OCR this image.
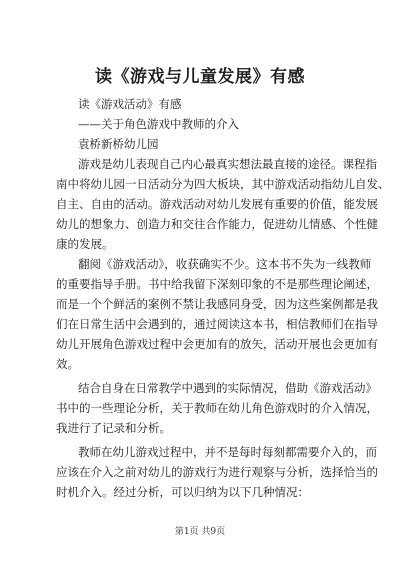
读《游戏与儿童发展》有感
读《游戏活动》有感
——关于角色游戏中教师的介入
袁桥新桥幼儿园
游戏是幼儿表现自己内心最真实想法最直接的途径。课程指
南中将幼儿园一日活动分为四大板块，其中游戏活动指幼儿自发、
自主、自由的活动。游戏活动对幼儿发展有重要的价值，能发展
幼儿的想象力、创造力和交往合作能力，促进幼儿情感、个性健
康的发展。
翻阅《游戏活动》，收获确实不少。这本书不失为一线教师
的重要指导手册。书中给我留下深刻印象的不是那些理论阐述，
而是一个个鲜活的案例不禁让我感同身受，因为这些案例都是我
们在日常生活中会遇到的，通过阅读这本书，相信教师们在指导
幼儿开展角色游戏过程中会更加有的放矢，活动开展也会更加有
效。
结合自身在日常教学中遇到的实际情况，借助《游戏活动》
书中的一些理论分析，关于教师在幼儿角色游戏时的介入情况，
我进行了记录和分析。
教师在幼儿游戏过程中，并不是每时每刻都需要介入的，而
应该在介入之前对幼儿的游戏行为进行观察与分析，选择恰当的
时机介入。经过分析，可以归纳为以下几种情况：
第1页 共9页
